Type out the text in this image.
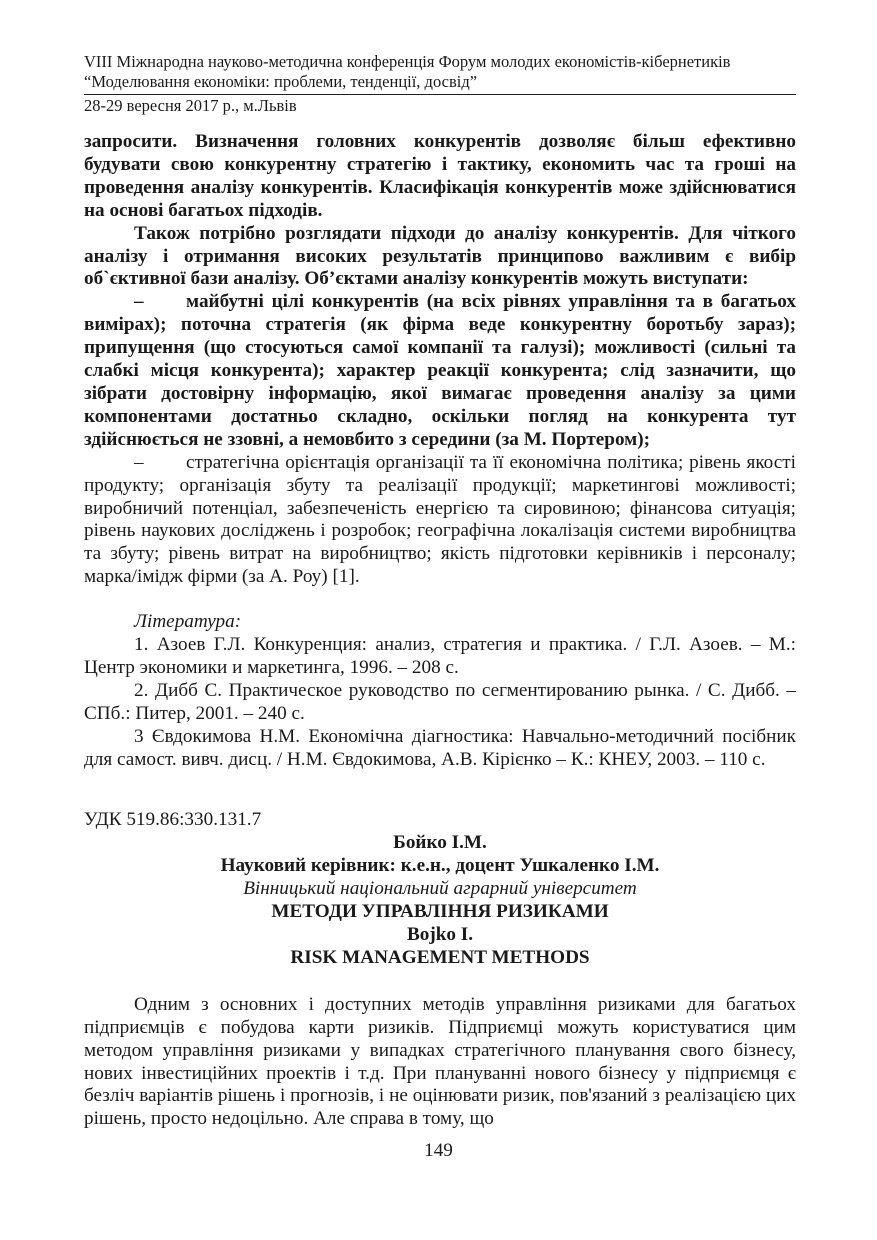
VIII Міжнародна науково-методична конференція Форум молодих економістів-кібернетиків
“Моделювання економіки: проблеми, тенденції, досвід”
28-29 вересня 2017 р., м.Львів

запросити. Визначення головних конкурентів дозволяє більш ефективно будувати свою конкурентну стратегію і тактику, економить час та гроші на проведення аналізу конкурентів. Класифікація конкурентів може здійснюватися на основі багатьох підходів.

Також потрібно розглядати підходи до аналізу конкурентів. Для чіткого аналізу і отримання високих результатів принципово важливим є вибір об`єктивної бази аналізу. Об’єктами аналізу конкурентів можуть виступати:

– майбутні цілі конкурентів (на всіх рівнях управління та в багатьох вимірах); поточна стратегія (як фірма веде конкурентну боротьбу зараз); припущення (що стосуються самої компанії та галузі); можливості (сильні та слабкі місця конкурента); характер реакції конкурента; слід зазначити, що зібрати достовірну інформацію, якої вимагає проведення аналізу за цими компонентами достатньо складно, оскільки погляд на конкурента тут здійснюється не ззовні, а немовбито з середини (за М. Портером);

– стратегічна орієнтація організації та її економічна політика; рівень якості продукту; організація збуту та реалізації продукції; маркетингові можливості; виробничий потенціал, забезпеченість енергією та сировиною; фінансова ситуація; рівень наукових досліджень і розробок; географічна локалізація системи виробництва та збуту; рівень витрат на виробництво; якість підготовки керівників і персоналу; марка/імідж фірми (за А. Роу) [1].

Література:

1. Азоев Г.Л. Конкуренция: анализ, стратегия и практика. / Г.Л. Азоев. – М.: Центр экономики и маркетинга, 1996. – 208 с.

2. Дибб С. Практическое руководство по сегментированию рынка. / С. Дибб. – СПб.: Питер, 2001. – 240 с.

3 Євдокимова Н.М. Економічна діагностика: Навчально-методичний посібник для самост. вивч. дисц. / Н.М. Євдокимова, А.В. Кірієнко – К.: КНЕУ, 2003. – 110 с.

УДК 519.86:330.131.7

Бойко І.М.

Науковий керівник: к.е.н., доцент Ушкаленко І.М.

Вінницький національний аграрний університет

МЕТОДИ УПРАВЛІННЯ РИЗИКАМИ

Bojko I.

RISK MANAGEMENT METHODS

Одним з основних і доступних методів управління ризиками для багатьох підприємців є побудова карти ризиків. Підприємці можуть користуватися цим методом управління ризиками у випадках стратегічного планування свого бізнесу, нових інвестиційних проектів і т.д. При плануванні нового бізнесу у підприємця є безліч варіантів рішень і прогнозів, і не оцінювати ризик, пов'язаний з реалізацією цих рішень, просто недоцільно. Але справа в тому, що

149
